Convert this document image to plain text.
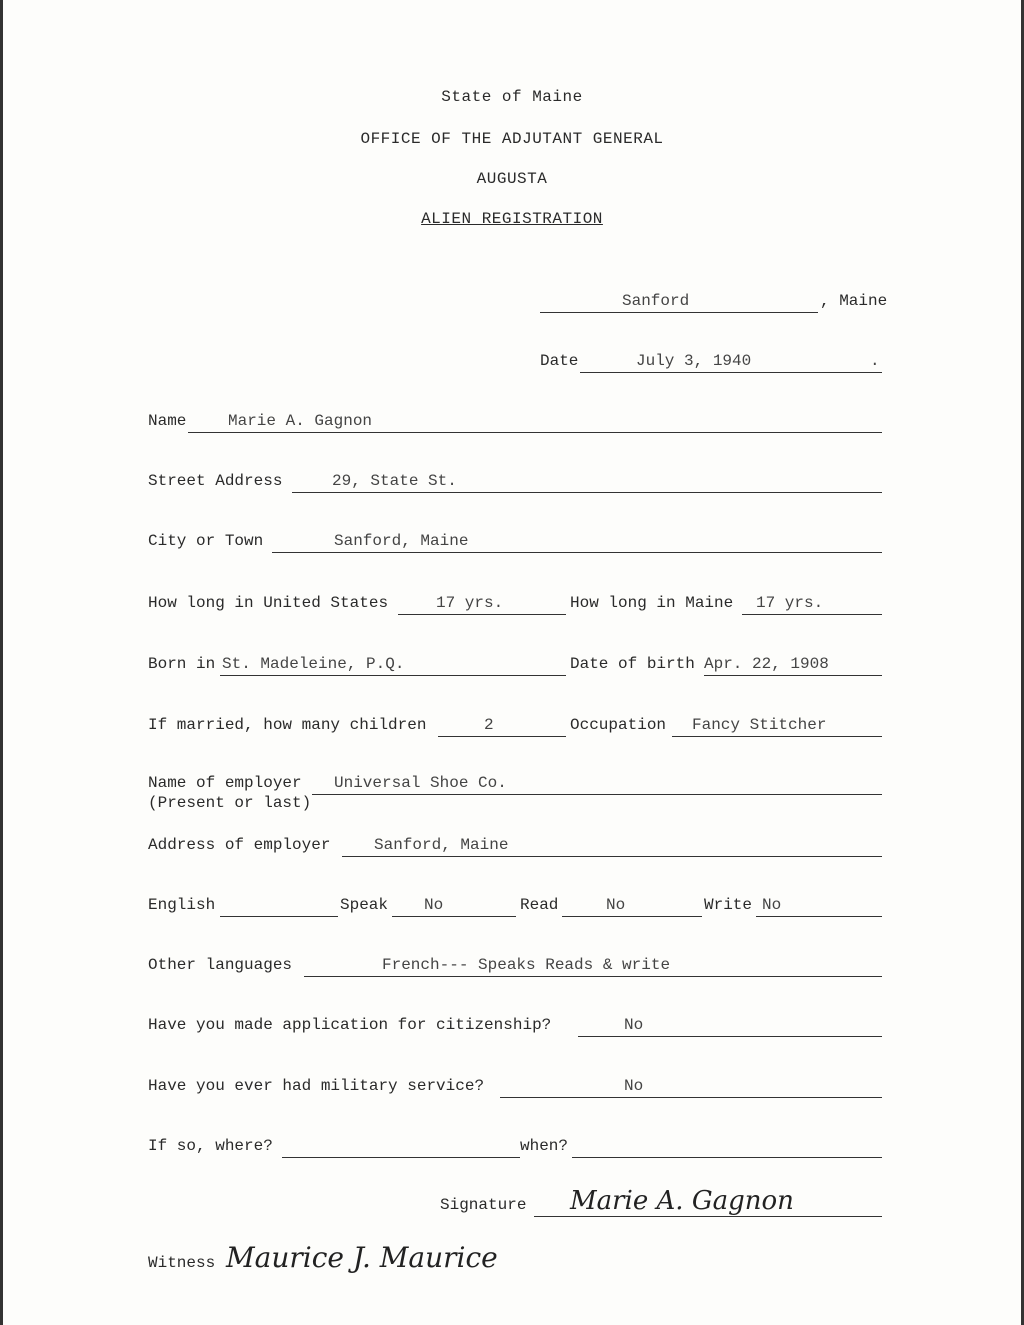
State of Maine
OFFICE OF THE ADJUTANT GENERAL
AUGUSTA
ALIEN REGISTRATION
Sanford	, Maine
Date	July 3, 1940	.
Name	Marie A. Gagnon
Street Address	29, State St.
City or Town	Sanford, Maine
How long in United States	17 yrs.	How long in Maine 17 yrs.
Born in St. Madeleine, P.Q.	Date of birth Apr. 22, 1908
If married, how many children	2	Occupation Fancy Stitcher
Name of employer Universal Shoe Co.
(Present or last)
Address of employer	Sanford, Maine
English	Speak No	Read	No	Write No
Other languages	French--- Speaks Reads & write
Have you made application for citizenship?	No
Have you ever had military service?	No
If so, where?	when?
Signature Marie A. Gagnon
Witness Maurice J. Maurice
